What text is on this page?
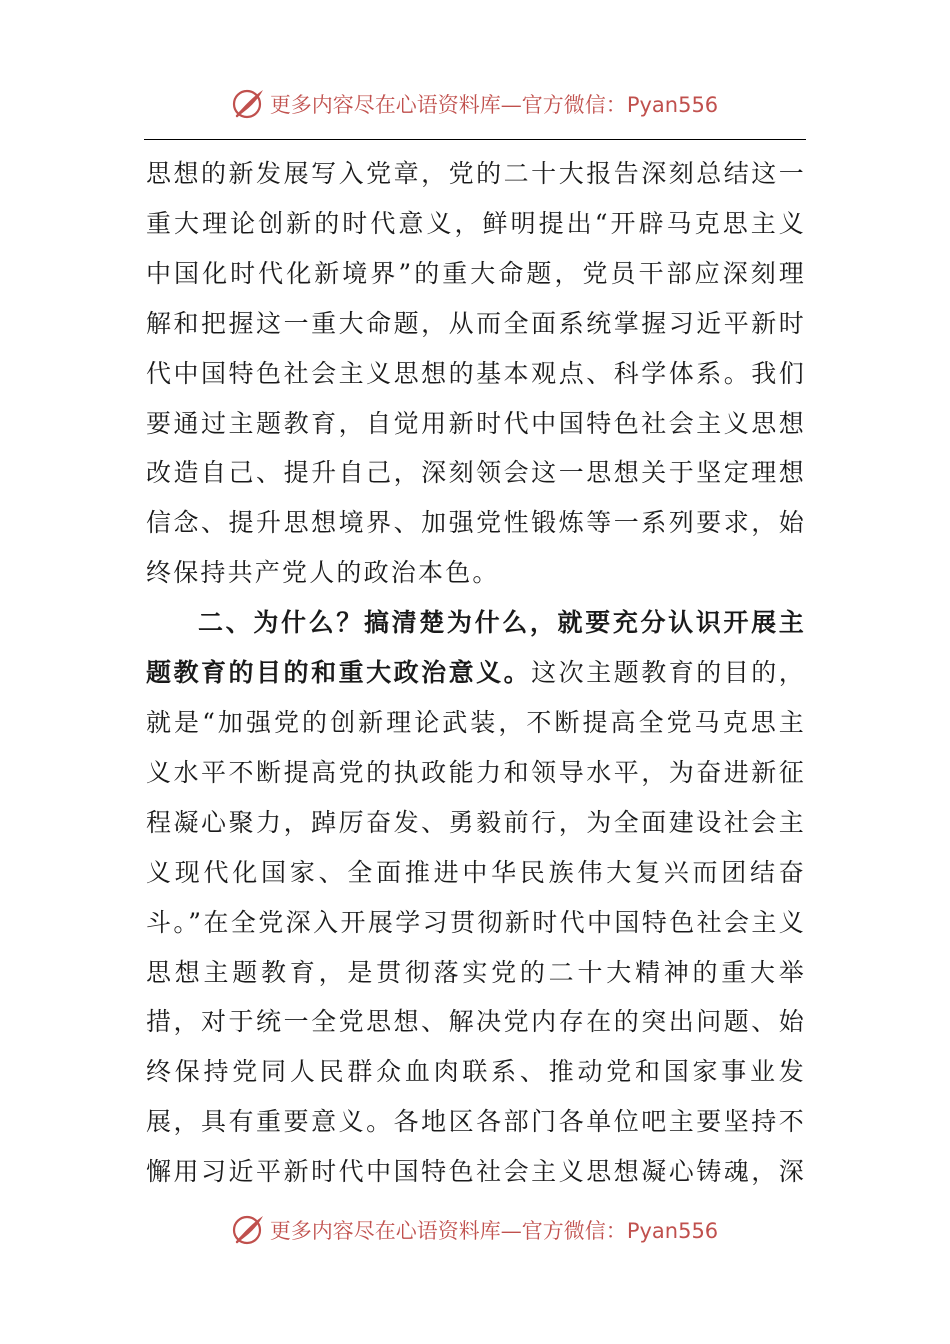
更多内容尽在心语资料库—官方微信：Pyan556

思想的新发展写入党章，党的二十大报告深刻总结这一重大理论创新的时代意义，鲜明提出“开辟马克思主义中国化时代化新境界”的重大命题，党员干部应深刻理解和把握这一重大命题，从而全面系统掌握习近平新时代中国特色社会主义思想的基本观点、科学体系。我们要通过主题教育，自觉用新时代中国特色社会主义思想改造自己、提升自己，深刻领会这一思想关于坚定理想信念、提升思想境界、加强党性锻炼等一系列要求，始终保持共产党人的政治本色。

二、为什么？搞清楚为什么，就要充分认识开展主题教育的目的和重大政治意义。这次主题教育的目的，就是“加强党的创新理论武装，不断提高全党马克思主义水平不断提高党的执政能力和领导水平，为奋进新征程凝心聚力，踔厉奋发、勇毅前行，为全面建设社会主义现代化国家、全面推进中华民族伟大复兴而团结奋斗。”在全党深入开展学习贯彻新时代中国特色社会主义思想主题教育，是贯彻落实党的二十大精神的重大举措，对于统一全党思想、解决党内存在的突出问题、始终保持党同人民群众血肉联系、推动党和国家事业发展，具有重要意义。各地区各部门各单位吧主要坚持不懈用习近平新时代中国特色社会主义思想凝心铸魂，深

更多内容尽在心语资料库—官方微信：Pyan556
